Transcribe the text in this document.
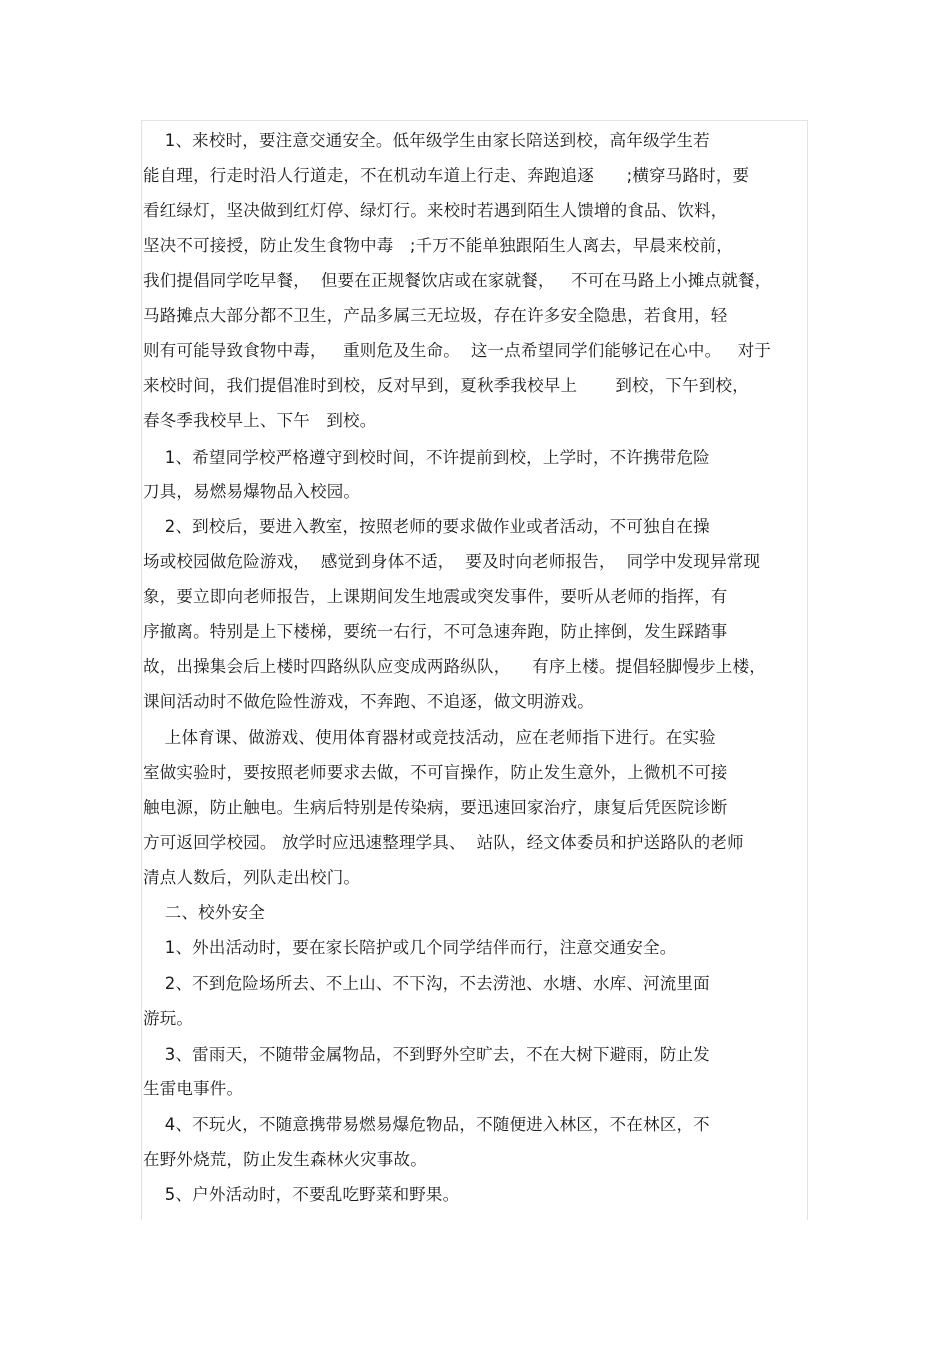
1、来校时，要注意交通安全。低年级学生由家长陪送到校，高年级学生若
能自理，行走时沿人行道走，不在机动车道上行走、奔跑追逐      ;横穿马路时，要
看红绿灯，坚决做到红灯停、绿灯行。来校时若遇到陌生人馈增的食品、饮料，
坚决不可接授，防止发生食物中毒   ;千万不能单独跟陌生人离去，早晨来校前，
我们提倡同学吃早餐，  但要在正规餐饮店或在家就餐，   不可在马路上小摊点就餐，
马路摊点大部分都不卫生，产品多属三无垃圾，存在许多安全隐患，若食用，轻
则有可能导致食物中毒，   重则危及生命。  这一点希望同学们能够记在心中。   对于
来校时间，我们提倡准时到校，反对早到，夏秋季我校早上       到校，下午到校，
春冬季我校早上、下午   到校。
1、希望同学校严格遵守到校时间，不许提前到校，上学时，不许携带危险
刀具，易燃易爆物品入校园。
2、到校后，要进入教室，按照老师的要求做作业或者活动，不可独自在操
场或校园做危险游戏，  感觉到身体不适，  要及时向老师报告，  同学中发现异常现
象，要立即向老师报告，上课期间发生地震或突发事件，要听从老师的指挥，有
序撤离。特别是上下楼梯，要统一右行，不可急速奔跑，防止摔倒，发生踩踏事
故，出操集会后上楼时四路纵队应变成两路纵队，    有序上楼。提倡轻脚慢步上楼，
课间活动时不做危险性游戏，不奔跑、不追逐，做文明游戏。
上体育课、做游戏、使用体育器材或竞技活动，应在老师指下进行。在实验
室做实验时，要按照老师要求去做，不可盲操作，防止发生意外，上微机不可接
触电源，防止触电。生病后特别是传染病，要迅速回家治疗，康复后凭医院诊断
方可返回学校园。 放学时应迅速整理学具、  站队，经文体委员和护送路队的老师
清点人数后，列队走出校门。
二、校外安全
1、外出活动时，要在家长陪护或几个同学结伴而行，注意交通安全。
2、不到危险场所去、不上山、不下沟，不去涝池、水塘、水库、河流里面
游玩。
3、雷雨天，不随带金属物品，不到野外空旷去，不在大树下避雨，防止发
生雷电事件。
4、不玩火，不随意携带易燃易爆危物品，不随便进入林区，不在林区，不
在野外烧荒，防止发生森林火灾事故。
5、户外活动时，不要乱吃野菜和野果。
